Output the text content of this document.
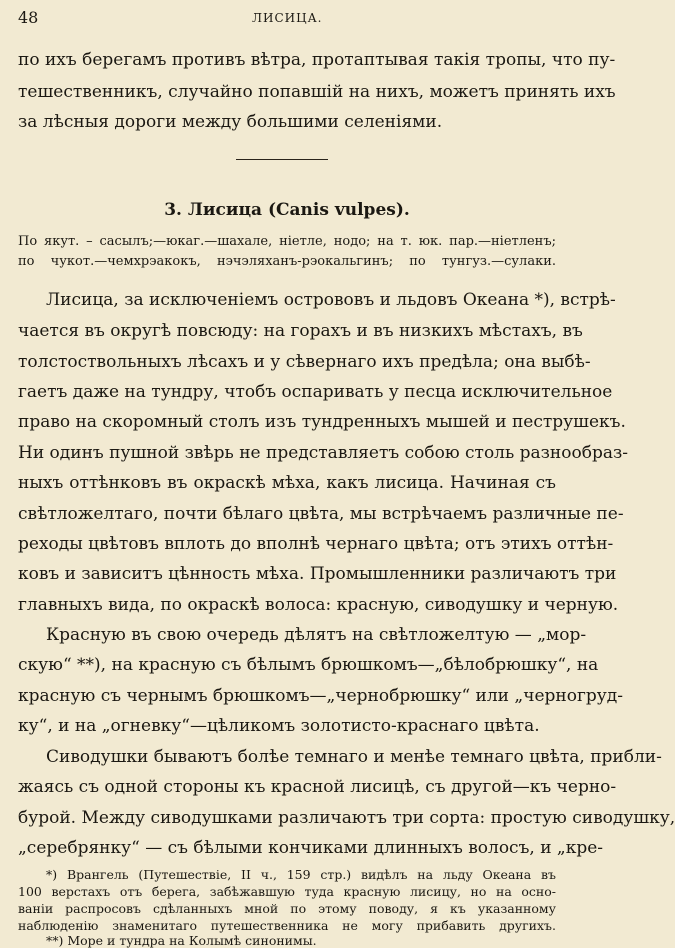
48	ЛИСИЦА.
по ихъ берегамъ противъ вѣтра, протаптывая такія тропы, что пу-
тешественникъ, случайно попавшій на нихъ, можетъ принять ихъ
за лѣсныя дороги между большими селеніями.
3. Лисица (Canis vulpes).
По якут. – сасылъ;—юкаг.—шахале, ніетле, нодо; на т. юк. пар.—ніетленъ;
по чукот.—чемхрэакокъ, нэчэляханъ-рэокальгинъ; по тунгуз.—сулаки.
Лисица, за исключеніемъ острововъ и льдовъ Океана *), встрѣ-
чается въ округѣ повсюду: на горахъ и въ низкихъ мѣстахъ, въ
толстоствольныхъ лѣсахъ и у сѣвернаго ихъ предѣла; она выбѣ-
гаетъ даже на тундру, чтобъ оспаривать у песца исключительное
право на скоромный столъ изъ тундренныхъ мышей и пеструшекъ.
Ни одинъ пушной звѣрь не представляетъ собою столь разнообраз-
ныхъ оттѣнковъ въ окраскѣ мѣха, какъ лисица. Начиная съ
свѣтложелтаго, почти бѣлаго цвѣта, мы встрѣчаемъ различные пе-
реходы цвѣтовъ вплоть до вполнѣ чернаго цвѣта; отъ этихъ оттѣн-
ковъ и зависитъ цѣнность мѣха. Промышленники различаютъ три
главныхъ вида, по окраскѣ волоса: красную, сиводушку и черную.
Красную въ свою очередь дѣлятъ на свѣтложелтую — „мор-
скую“ **), на красную съ бѣлымъ брюшкомъ—„бѣлобрюшку“, на
красную съ чернымъ брюшкомъ—„чернобрюшку“ или „черногруд-
ку“, и на „огневку“—цѣликомъ золотисто-краснаго цвѣта.
Сиводушки бываютъ болѣе темнаго и менѣе темнаго цвѣта, прибли-
жаясь съ одной стороны къ красной лисицѣ, съ другой—къ черно-
бурой. Между сиводушками различаютъ три сорта: простую сиводушку,
„серебрянку“ — съ бѣлыми кончиками длинныхъ волосъ, и „кре-
*) Врангель (Путешествіе, II ч., 159 стр.) видѣлъ на льду Океана въ
100 верстахъ отъ берега, забѣжавшую туда красную лисицу, но на осно-
ваніи распросовъ сдѣланныхъ мной по этому поводу, я къ указанному
наблюденію знаменитаго путешественника не могу прибавить другихъ.
**) Море и тундра на Колымѣ синонимы.
